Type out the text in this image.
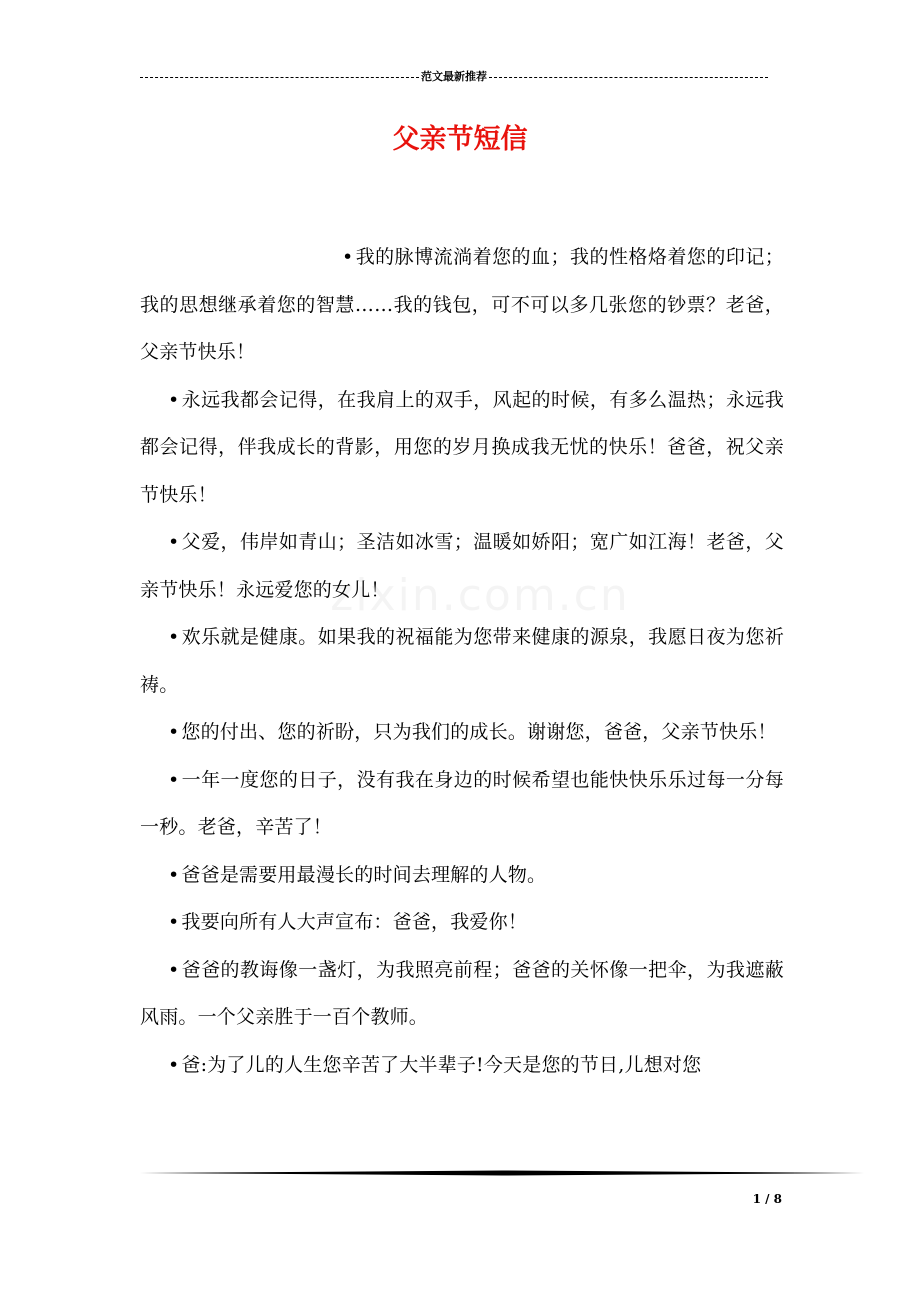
范文最新推荐
父亲节短信

• 我的脉博流淌着您的血；我的性格烙着您的印记；我的思想继承着您的智慧……我的钱包，可不可以多几张您的钞票？老爸，父亲节快乐！

• 永远我都会记得，在我肩上的双手，风起的时候，有多么温热；永远我都会记得，伴我成长的背影，用您的岁月换成我无忧的快乐！爸爸，祝父亲节快乐！

• 父爱，伟岸如青山；圣洁如冰雪；温暖如娇阳；宽广如江海！老爸，父亲节快乐！永远爱您的女儿！

• 欢乐就是健康。如果我的祝福能为您带来健康的源泉，我愿日夜为您祈祷。

• 您的付出、您的祈盼，只为我们的成长。谢谢您，爸爸，父亲节快乐！

• 一年一度您的日子，没有我在身边的时候希望也能快快乐乐过每一分每一秒。老爸，辛苦了！

• 爸爸是需要用最漫长的时间去理解的人物。

• 我要向所有人大声宣布：爸爸，我爱你！

• 爸爸的教诲像一盏灯，为我照亮前程；爸爸的关怀像一把伞，为我遮蔽风雨。一个父亲胜于一百个教师。

• 爸:为了儿的人生您辛苦了大半辈子!今天是您的节日,儿想对您

1 / 8
